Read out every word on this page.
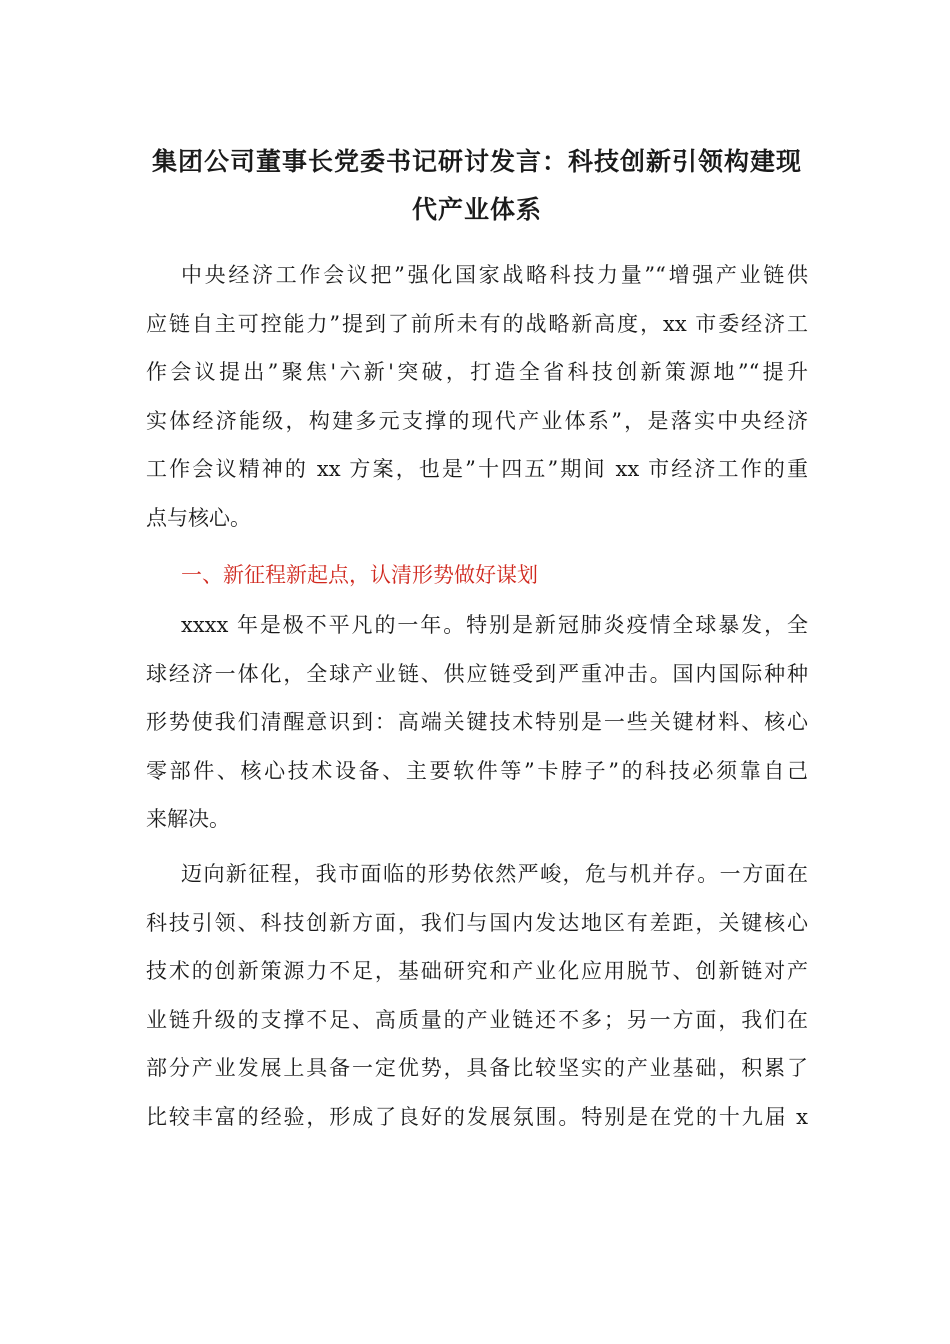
集团公司董事长党委书记研讨发言：科技创新引领构建现
代产业体系
中央经济工作会议把”强化国家战略科技力量”“增强产业链供
应链自主可控能力”提到了前所未有的战略新高度，xx 市委经济工
作会议提出”聚焦'六新'突破，打造全省科技创新策源地”“提升
实体经济能级，构建多元支撑的现代产业体系”，是落实中央经济
工作会议精神的 xx 方案，也是”十四五”期间 xx 市经济工作的重
点与核心。
一、新征程新起点，认清形势做好谋划
xxxx 年是极不平凡的一年。特别是新冠肺炎疫情全球暴发，全
球经济一体化，全球产业链、供应链受到严重冲击。国内国际种种
形势使我们清醒意识到：高端关键技术特别是一些关键材料、核心
零部件、核心技术设备、主要软件等”卡脖子”的科技必须靠自己
来解决。
迈向新征程，我市面临的形势依然严峻，危与机并存。一方面在
科技引领、科技创新方面，我们与国内发达地区有差距，关键核心
技术的创新策源力不足，基础研究和产业化应用脱节、创新链对产
业链升级的支撑不足、高质量的产业链还不多；另一方面，我们在
部分产业发展上具备一定优势，具备比较坚实的产业基础，积累了
比较丰富的经验，形成了良好的发展氛围。特别是在党的十九届 x
